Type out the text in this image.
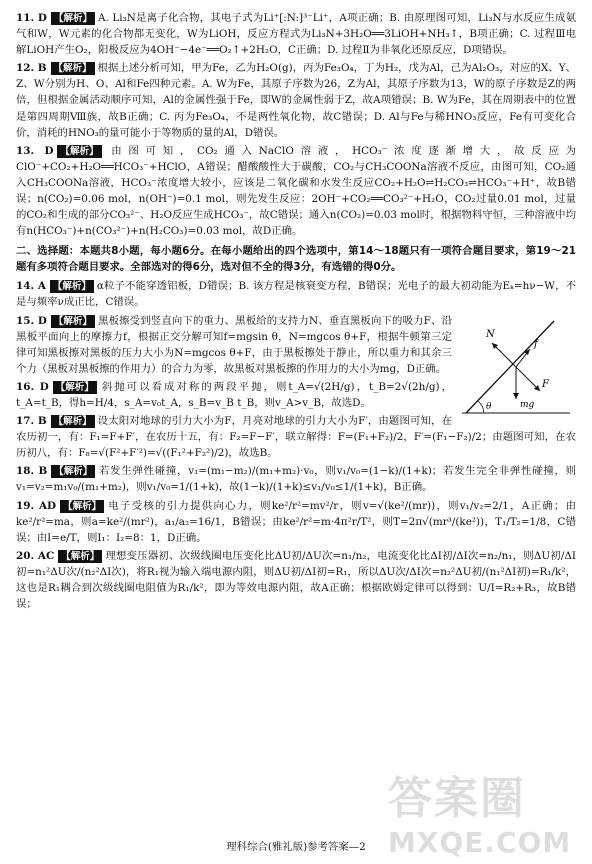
11. D 【解析】 A. Li₃N是离子化合物，其电子式为Li⁺[:N:]³⁻Li⁺，A项正确；B. 由原理图可知，Li₃N与水反应生成氨气和W，W元素的化合物都无变化，W为LiOH，反应方程式为Li₃N+3H₂O══3LiOH+NH₃↑，B项正确；C. 过程Ⅲ电解LiOH产生O₂，阳极反应为4OH⁻−4e⁻══O₂↑+2H₂O，C正确；D. 过程Ⅱ为非氧化还原反应，D项错误。

12. B 【解析】 根据上述分析可知，甲为Fe，乙为H₂O(g)，丙为Fe₃O₄，丁为H₂，戊为Al，己为Al₂O₃，对应的X、Y、Z、W分别为H、O、Al和Fe四种元素。A. W为Fe，其原子序数为26，Z为Al，其原子序数为13，W的原子序数是Z的两倍，但根据金属活动顺序可知，Al的金属性强于Fe，即W的金属性弱于Z，故A项错误；B. W为Fe，其在周期表中的位置是第四周期Ⅷ族，故B正确；C. 丙为Fe₃O₄，不是两性氧化物，故C错误；D. Al与Fe与稀HNO₃反应，Fe有可变化合价，消耗的HNO₃的量可能小于等物质的量的Al，D错误。

13. D 【解析】 由图可知，CO₂通入NaClO溶液，HCO₃⁻浓度逐渐增大，故反应为ClO⁻+CO₂+H₂O══HCO₃⁻+HClO，A错误；醋酸酸性大于碳酸，CO₂与CH₃COONa溶液不反应，由图可知，CO₂通入CH₃COONa溶液，HCO₃⁻浓度增大较小，应该是二氧化碳和水发生反应CO₂+H₂O⇌H₂CO₃⇌HCO₃⁻+H⁺，故B错误；n(CO₂)=0.06 mol，n(OH⁻)=0.1 mol，则先发生反应：2OH⁻+CO₂══CO₃²⁻+H₂O，CO₂过量0.01 mol，过量的CO₂和生成的部分CO₃²⁻、H₂O反应生成HCO₃⁻，故C错误；通入n(CO₂)=0.03 mol时，根据物料守恒，三种溶液中均有n(HCO₃⁻)+n(CO₃²⁻)+n(H₂CO₃)=0.03 mol，故D正确。

二、选择题：本题共8小题，每小题6分。在每小题给出的四个选项中，第14～18题只有一项符合题目要求，第19～21题有多项符合题目要求。全部选对的得6分，选对但不全的得3分，有选错的得0分。

14. A 【解析】 α粒子不能穿透铝板，D错误；B. 该方程是核衰变方程，B错误；光电子的最大初动能为Eₖ=hν−W，不是与频率ν成正比，C错误。

N
f
F
mg
θ
15. D 【解析】 黑板擦受到竖直向下的重力、黑板给的支持力N、垂直黑板向下的吸力F、沿黑板平面向上的摩擦力f，根据正交分解可知f=mgsin θ，N=mgcos θ+F，根据牛顿第三定律可知黑板擦对黑板的压力大小为N=mgcos θ+F，由于黑板擦处于静止，所以重力和其余三个力（黑板对黑板擦的作用力）的合力为零，故黑板对黑板擦的作用力的大小为mg，D正确。

16. D 【解析】 斜抛可以看成对称的两段平抛，则t_A=√(2H/g)，t_B=2√(2h/g)，t_A=t_B，得h=H/4，s_A=v₀t_A，s_B=v_B t_B，则v_A>v_B，故选D。

17. B 【解析】 设太阳对地球的引力大小为F，月亮对地球的引力大小为F′，由题图可知，在农历初一，有：F₁=F+F′，在农历十五，有：F₂=F−F′，联立解得：F=(F₁+F₂)/2，F′=(F₁−F₂)/2；由题图可知，在农历初八，有：F₈=√(F²+F′²)=√((F₁²+F₂²)/2)，故选B。

18. B 【解析】 若发生弹性碰撞，v₁=(m₁−m₂)/(m₁+m₂)·v₀，则v₁/v₀=(1−k)/(1+k)；若发生完全非弹性碰撞，则v₁=v₂=m₁v₀/(m₁+m₂)，则v₁/v₀=1/(1+k)，故(1−k)/(1+k)≤v₁/v₀≤1/(1+k)，B正确。

19. AD 【解析】 电子受核的引力提供向心力，则ke²/r²=mv²/r，则v=√(ke²/(mr))，则v₁/v₂=2/1，A正确；由ke²/r²=ma，则a=ke²/(mr²)，a₁/a₂=16/1，B错误；由ke²/r²=m·4π²r/T²，则T=2π√(mr³/(ke²))，T₁/T₂=1/8，C错误；由I=e/T，则I₁：I₂=8：1，D正确。

20. AC 【解析】 理想变压器初、次级线圈电压变化比ΔU初/ΔU次=n₁/n₂，电流变化比ΔI初/ΔI次=n₂/n₁，则ΔU初/ΔI初=n₁²ΔU次/(n₂²ΔI次)，将R₁视为输入端电源内阻，则ΔU初/ΔI初=R₁，所以ΔU次/ΔI次=n₂²ΔU初/(n₁²ΔI初)=R₁/k²，这也是R₁耦合到次级线圈电阻值为R₁/k²，即为等效电源内阻，故A正确；根据欧姆定律可以得到：U/I=R₂+R₃，故B错误；

答案圈
MXQE.COM
理科综合(雅礼版)参考答案—2
